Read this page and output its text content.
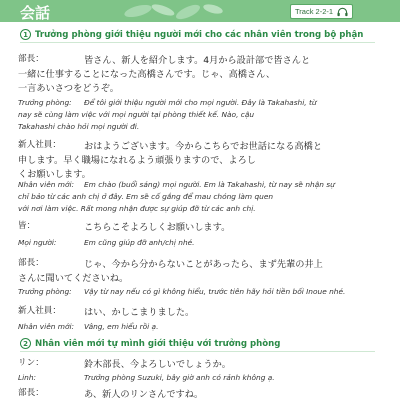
会話	Track 2-2-1
1 Trưởng phòng giới thiệu người mới cho các nhân viên trong bộ phận
部長：	皆さん、新人を紹介します。4月から設計部で皆さんと
一緒に仕事することになった高橋さんです。じゃ、高橋さん、
一言あいさつをどうぞ。
Trưởng phòng:	Để tôi giới thiệu người mới cho mọi người. Đây là Takahashi, từ
nay sẽ cùng làm việc với mọi người tại phòng thiết kế. Nào, cậu
Takahashi chào hỏi mọi người đi.
新人社員：	おはようございます。今からこちらでお世話になる高橋と
申します。早く職場になれるよう頑張りますので、よろし
くお願いします。
Nhân viên mới:	Em chào (buổi sáng) mọi người. Em là Takahashi, từ nay sẽ nhận sự
chỉ bảo từ các anh chị ở đây. Em sẽ cố gắng để mau chóng làm quen
với nơi làm việc. Rất mong nhận được sự giúp đỡ từ các anh chị.
皆：	こちらこそよろしくお願いします。
Mọi người:	Em cũng giúp đỡ anh/chị nhé.
部長：	じゃ、今から分からないことがあったら、まず先輩の井上
さんに聞いてくださいね。
Trưởng phòng:	Vậy từ nay nếu có gì không hiểu, trước tiên hãy hỏi tiền bối Inoue nhé.
新人社員：	はい、かしこまりました。
Nhân viên mới:	Vâng, em hiểu rồi ạ.
2 Nhân viên mới tự mình giới thiệu với trưởng phòng
リン：	鈴木部長、今よろしいでしょうか。
Linh:	Trưởng phòng Suzuki, bây giờ anh có rảnh không ạ.
部長：	あ、新人のリンさんですね。
